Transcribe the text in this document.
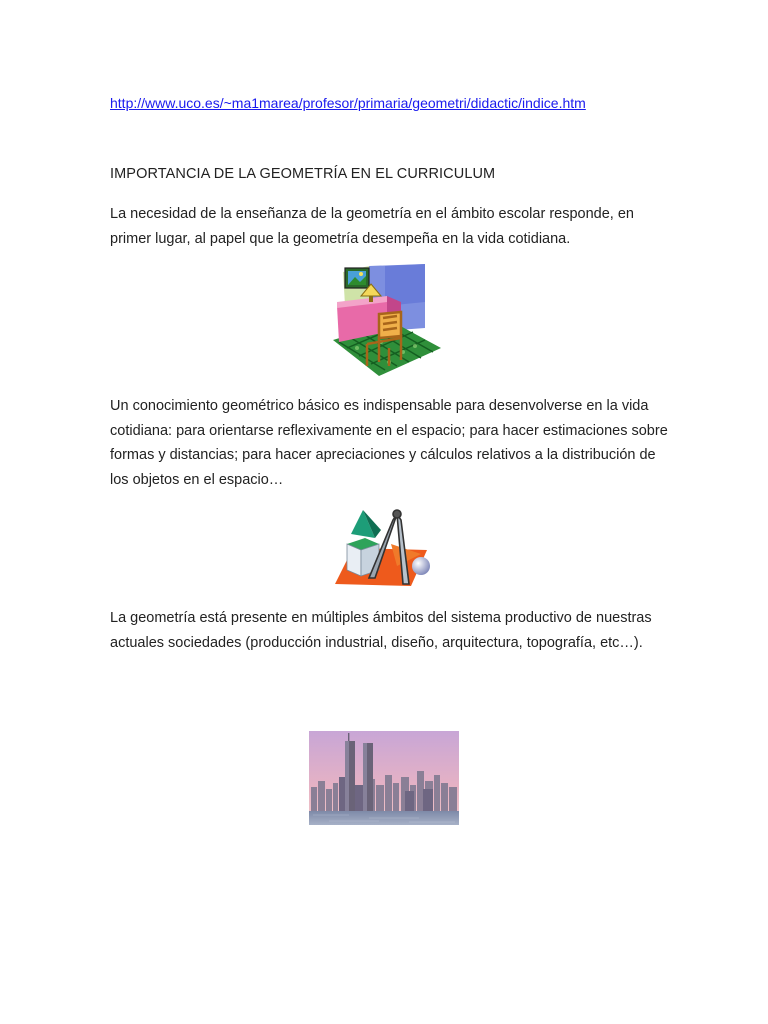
http://www.uco.es/~ma1marea/profesor/primaria/geometri/didactic/indice.htm
IMPORTANCIA DE LA GEOMETRÍA EN EL CURRICULUM

La necesidad de la enseñanza de la geometría en el ámbito escolar responde, en primer lugar, al papel que la geometría desempeña en la vida cotidiana.

Un conocimiento geométrico básico es indispensable para desenvolverse en la vida cotidiana: para orientarse reflexivamente en el espacio; para hacer estimaciones sobre formas y distancias; para hacer apreciaciones y cálculos relativos a la distribución de los objetos en el espacio…

La geometría está presente en múltiples ámbitos del sistema productivo de nuestras actuales sociedades (producción industrial, diseño, arquitectura, topografía, etc…).
